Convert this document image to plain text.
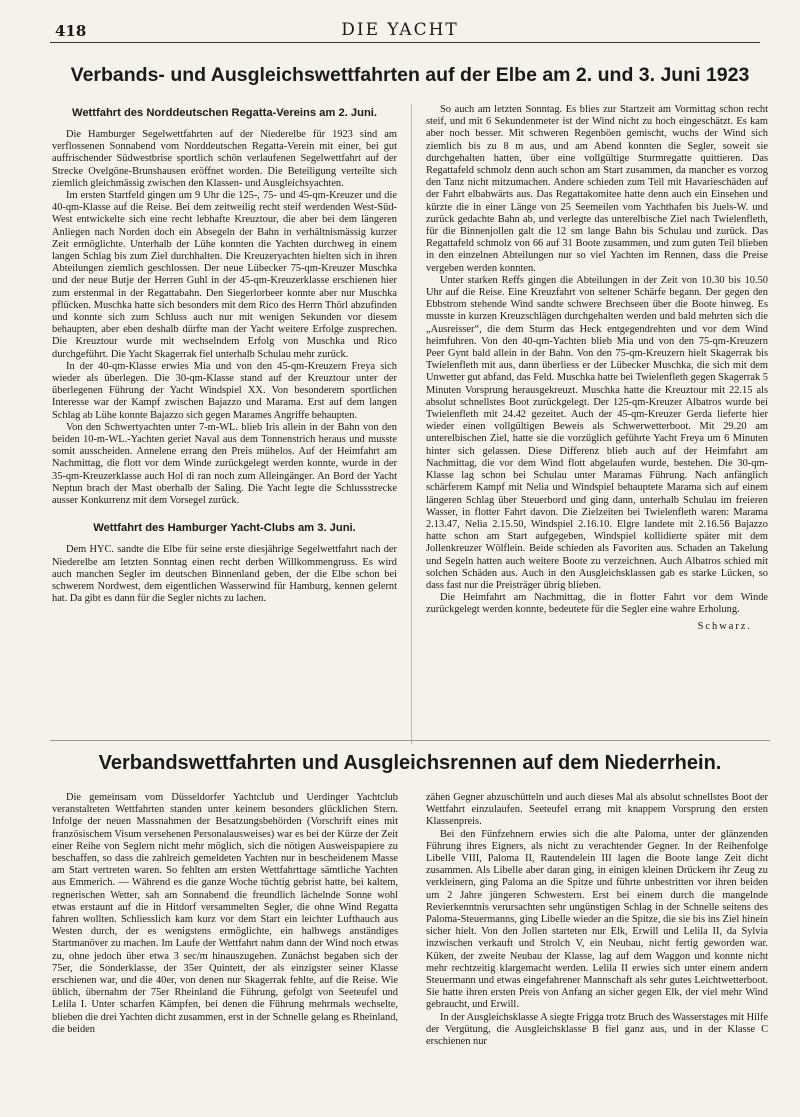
418	DIE YACHT
Verbands- und Ausgleichswettfahrten auf der Elbe am 2. und 3. Juni 1923

Wettfahrt des Norddeutschen Regatta-Vereins am 2. Juni.

Die Hamburger Segelwettfahrten auf der Niederelbe für 1923 sind am verflossenen Sonnabend vom Norddeutschen Regatta-Verein mit einer, bei gut auffrischender Südwestbrise sportlich schön verlaufenen Segelwettfahrt auf der Strecke Ovelgöne-Brunshausen eröffnet worden. Die Beteiligung verteilte sich ziemlich gleichmässig zwischen den Klassen- und Ausgleichsyachten.

Im ersten Startfeld gingen um 9 Uhr die 125-, 75- und 45-qm-Kreuzer und die 40-qm-Klasse auf die Reise. Bei dem zeitweilig recht steif werdenden West-Süd-West entwickelte sich eine recht lebhafte Kreuztour, die aber bei dem längeren Anliegen nach Norden doch ein Absegeln der Bahn in verhältnismässig kurzer Zeit ermöglichte. Unterhalb der Lühe konnten die Yachten durchweg in einem langen Schlag bis zum Ziel durchhalten. Die Kreuzeryachten hielten sich in ihren Abteilungen ziemlich geschlossen. Der neue Lübecker 75-qm-Kreuzer Muschka und der neue Butje der Herren Guhl in der 45-qm-Kreuzerklasse erschienen hier zum erstenmal in der Regattabahn. Den Siegerlorbeer konnte aber nur Muschka pflücken. Muschka hatte sich besonders mit dem Rico des Herrn Thörl abzufinden und konnte sich zum Schluss auch nur mit wenigen Sekunden vor diesem behaupten, aber eben deshalb dürfte man der Yacht weitere Erfolge zusprechen. Die Kreuztour wurde mit wechselndem Erfolg von Muschka und Rico durchgeführt. Die Yacht Skagerrak fiel unterhalb Schulau mehr zurück.

In der 40-qm-Klasse erwies Mia und von den 45-qm-Kreuzern Freya sich wieder als überlegen. Die 30-qm-Klasse stand auf der Kreuztour unter der überlegenen Führung der Yacht Windspiel XX. Von besonderem sportlichen Interesse war der Kampf zwischen Bajazzo und Marama. Erst auf dem langen Schlag ab Lühe konnte Bajazzo sich gegen Marames Angriffe behaupten.

Von den Schwertyachten unter 7-m-WL. blieb Iris allein in der Bahn von den beiden 10-m-WL.-Yachten geriet Naval aus dem Tonnenstrich heraus und musste somit ausscheiden. Annelene errang den Preis mühelos. Auf der Heimfahrt am Nachmittag, die flott vor dem Winde zurückgelegt werden konnte, wurde in der 35-qm-Kreuzerklasse auch Hol di ran noch zum Alleingänger. An Bord der Yacht Neptun brach der Mast oberhalb der Saling. Die Yacht legte die Schlussstrecke ausser Konkurrenz mit dem Vorsegel zurück.

Wettfahrt des Hamburger Yacht-Clubs am 3. Juni.

Dem HYC. sandte die Elbe für seine erste diesjährige Segelwettfahrt nach der Niederelbe am letzten Sonntag einen recht derben Willkommengruss. Es wird auch manchen Segler im deutschen Binnenland geben, der die Elbe schon bei schwerem Nordwest, dem eigentlichen Wasserwind für Hamburg, kennen gelernt hat. Da gibt es dann für die Segler nichts zu lachen.

So auch am letzten Sonntag. Es blies zur Startzeit am Vormittag schon recht steif, und mit 6 Sekundenmeter ist der Wind nicht zu hoch eingeschätzt. Es kam aber noch besser. Mit schweren Regenböen gemischt, wuchs der Wind sich ziemlich bis zu 8 m aus, und am Abend konnten die Segler, soweit sie durchgehalten hatten, über eine vollgültige Sturmregatte quittieren. Das Regattafeld schmolz denn auch schon am Start zusammen, da mancher es vorzog den Tanz nicht mitzumachen. Andere schieden zum Teil mit Havarieschäden auf der Fahrt elbabwärts aus. Das Regattakomitee hatte denn auch ein Einsehen und kürzte die in einer Länge von 25 Seemeilen vom Yachthafen bis Juels-W. und zurück gedachte Bahn ab, und verlegte das unterelbische Ziel nach Twielenfleth, für die Binnenjollen galt die 12 sm lange Bahn bis Schulau und zurück. Das Regattafeld schmolz von 66 auf 31 Boote zusammen, und zum guten Teil blieben in den einzelnen Abteilungen nur so viel Yachten im Rennen, dass die Preise vergeben werden konnten.

Unter starken Reffs gingen die Abteilungen in der Zeit von 10.30 bis 10.50 Uhr auf die Reise. Eine Kreuzfahrt von seltener Schärfe begann. Der gegen den Ebbstrom stehende Wind sandte schwere Brechseen über die Boote hinweg. Es musste in kurzen Kreuzschlägen durchgehalten werden und bald mehrten sich die „Ausreisser“, die dem Sturm das Heck entgegendrehten und vor dem Wind heimfuhren. Von den 40-qm-Yachten blieb Mia und von den 75-qm-Kreuzern Peer Gynt bald allein in der Bahn. Von den 75-qm-Kreuzern hielt Skagerrak bis Twielenfleth mit aus, dann überliess er der Lübecker Muschka, die sich mit dem Unwetter gut abfand, das Feld. Muschka hatte bei Twielenfleth gegen Skagerrak 5 Minuten Vorsprung herausgekreuzt. Muschka hatte die Kreuztour mit 22.15 als absolut schnellstes Boot zurückgelegt. Der 125-qm-Kreuzer Albatros wurde bei Twielenfleth mit 24.42 gezeitet. Auch der 45-qm-Kreuzer Gerda lieferte hier wieder einen vollgültigen Beweis als Schwerwetterboot. Mit 29.20 am unterelbischen Ziel, hatte sie die vorzüglich geführte Yacht Freya um 6 Minuten hinter sich gelassen. Diese Differenz blieb auch auf der Heimfahrt am Nachmittag, die vor dem Wind flott abgelaufen wurde, bestehen. Die 30-qm-Klasse lag schon bei Schulau unter Maramas Führung. Nach anfänglich schärferem Kampf mit Nelia und Windspiel behauptete Marama sich auf einem längeren Schlag über Steuerbord und ging dann, unterhalb Schulau im freieren Wasser, in flotter Fahrt davon. Die Zielzeiten bei Twielenfleth waren: Marama 2.13.47, Nelia 2.15.50, Windspiel 2.16.10. Elgre landete mit 2.16.56 Bajazzo hatte schon am Start aufgegeben, Windspiel kollidierte später mit dem Jollenkreuzer Wölflein. Beide schieden als Favoriten aus. Schaden an Takelung und Segeln hatten auch weitere Boote zu verzeichnen. Auch Albatros schied mit solchen Schäden aus. Auch in den Ausgleichsklassen gab es starke Lücken, so dass fast nur die Preisträger übrig blieben.

Die Heimfahrt am Nachmittag, die in flotter Fahrt vor dem Winde zurückgelegt werden konnte, bedeutete für die Segler eine wahre Erholung.

Schwarz.

Verbandswettfahrten und Ausgleichsrennen auf dem Niederrhein.

Die gemeinsam vom Düsseldorfer Yachtclub und Uerdinger Yachtclub veranstalteten Wettfahrten standen unter keinem besonders glücklichen Stern. Infolge der neuen Massnahmen der Besatzungsbehörden (Vorschrift eines mit französischem Visum versehenen Personalausweises) war es bei der Kürze der Zeit einer Reihe von Seglern nicht mehr möglich, sich die nötigen Ausweispapiere zu beschaffen, so dass die zahlreich gemeldeten Yachten nur in bescheidenem Masse am Start vertreten waren. So fehlten am ersten Wettfahrttage sämtliche Yachten aus Emmerich. — Während es die ganze Woche tüchtig gebrist hatte, bei kaltem, regnerischen Wetter, sah am Sonnabend die freundlich lächelnde Sonne wohl etwas erstaunt auf die in Hitdorf versammelten Segler, die ohne Wind Regatta fahren wollten. Schliesslich kam kurz vor dem Start ein leichter Lufthauch aus Westen durch, der es wenigstens ermöglichte, ein halbwegs anständiges Startmanöver zu machen. Im Laufe der Wettfahrt nahm dann der Wind noch etwas zu, ohne jedoch über etwa 3 sec/m hinauszugehen. Zunächst begaben sich der 75er, die Sonderklasse, der 35er Quintett, der als einzigster seiner Klasse erschienen war, und die 40er, von denen nur Skagerrak fehlte, auf die Reise. Wie üblich, übernahm der 75er Rheinland die Führung, gefolgt von Seeteufel und Lelila I. Unter scharfen Kämpfen, bei denen die Führung mehrmals wechselte, blieben die drei Yachten dicht zusammen, erst in der Schnelle gelang es Rheinland, die beiden

zähen Gegner abzuschütteln und auch dieses Mal als absolut schnellstes Boot der Wettfahrt einzulaufen. Seeteufel errang mit knappem Vorsprung den ersten Klassenpreis.

Bei den Fünfzehnern erwies sich die alte Paloma, unter der glänzenden Führung ihres Eigners, als nicht zu verachtender Gegner. In der Reihenfolge Libelle VIII, Paloma II, Rautendelein III lagen die Boote lange Zeit dicht zusammen. Als Libelle aber daran ging, in einigen kleinen Drückern ihr Zeug zu verkleinern, ging Paloma an die Spitze und führte unbestritten vor ihren beiden um 2 Jahre jüngeren Schwestern. Erst bei einem durch die mangelnde Revierkenntnis verursachten sehr ungünstigen Schlag in der Schnelle seitens des Paloma-Steuermanns, ging Libelle wieder an die Spitze, die sie bis ins Ziel hinein sicher hielt. Von den Jollen starteten nur Elk, Erwill und Lelila II, da Sylvia inzwischen verkauft und Strolch V, ein Neubau, nicht fertig geworden war. Küken, der zweite Neubau der Klasse, lag auf dem Waggon und konnte nicht mehr rechtzeitig klargemacht werden. Lelila II erwies sich unter einem andern Steuermann und etwas eingefahrener Mannschaft als sehr gutes Leichtwetterboot. Sie hatte ihren ersten Preis von Anfang an sicher gegen Elk, der viel mehr Wind gebraucht, und Erwill.

In der Ausgleichsklasse A siegte Frigga trotz Bruch des Wasserstages mit Hilfe der Vergütung, die Ausgleichsklasse B fiel ganz aus, und in der Klasse C erschienen nur
